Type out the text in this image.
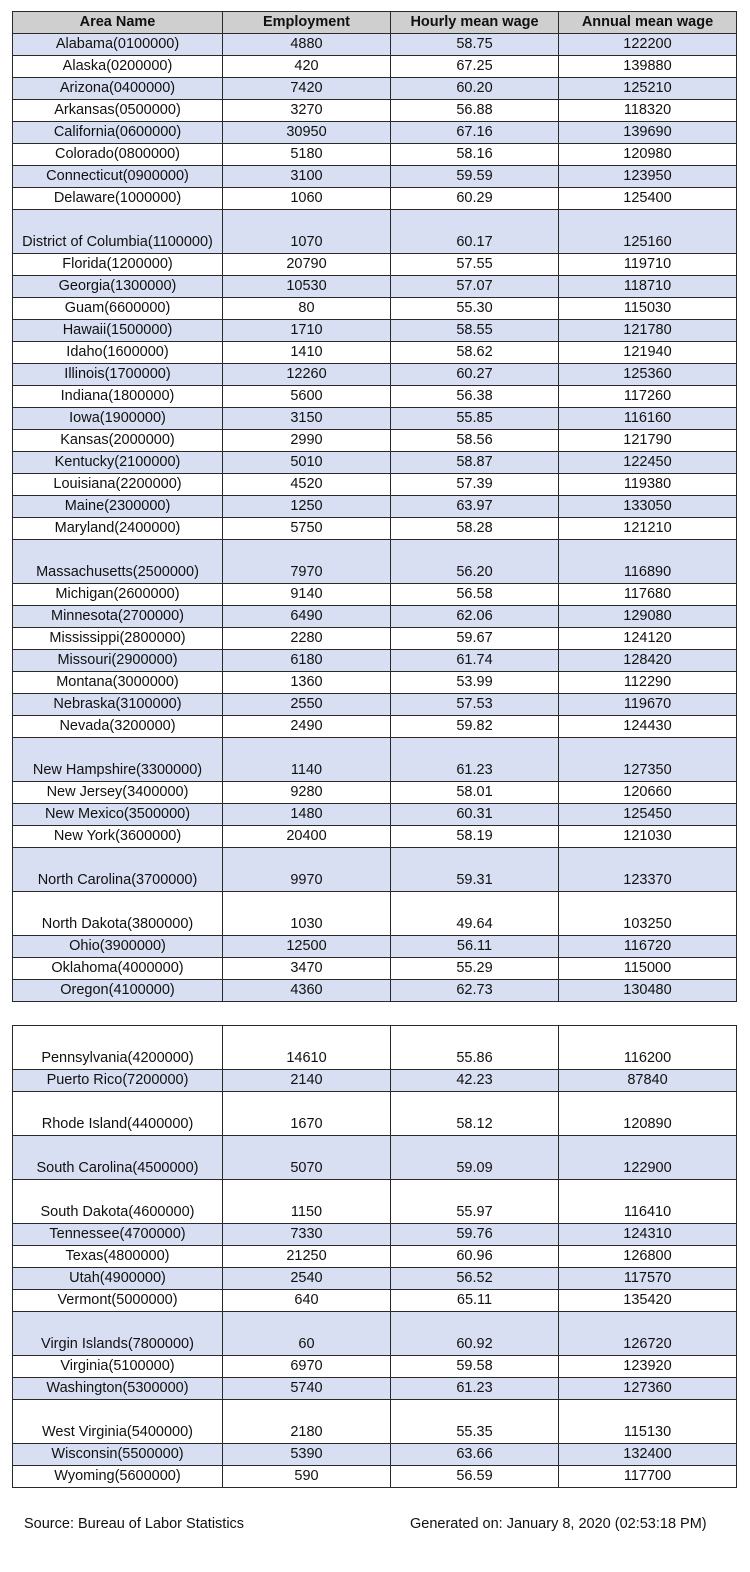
Area Name	Employment	Hourly mean wage	Annual mean wage
Alabama(0100000)	4880	58.75	122200
Alaska(0200000)	420	67.25	139880
Arizona(0400000)	7420	60.20	125210
Arkansas(0500000)	3270	56.88	118320
California(0600000)	30950	67.16	139690
Colorado(0800000)	5180	58.16	120980
Connecticut(0900000)	3100	59.59	123950
Delaware(1000000)	1060	60.29	125400
District of Columbia(1100000)	1070	60.17	125160
Florida(1200000)	20790	57.55	119710
Georgia(1300000)	10530	57.07	118710
Guam(6600000)	80	55.30	115030
Hawaii(1500000)	1710	58.55	121780
Idaho(1600000)	1410	58.62	121940
Illinois(1700000)	12260	60.27	125360
Indiana(1800000)	5600	56.38	117260
Iowa(1900000)	3150	55.85	116160
Kansas(2000000)	2990	58.56	121790
Kentucky(2100000)	5010	58.87	122450
Louisiana(2200000)	4520	57.39	119380
Maine(2300000)	1250	63.97	133050
Maryland(2400000)	5750	58.28	121210
Massachusetts(2500000)	7970	56.20	116890
Michigan(2600000)	9140	56.58	117680
Minnesota(2700000)	6490	62.06	129080
Mississippi(2800000)	2280	59.67	124120
Missouri(2900000)	6180	61.74	128420
Montana(3000000)	1360	53.99	112290
Nebraska(3100000)	2550	57.53	119670
Nevada(3200000)	2490	59.82	124430
New Hampshire(3300000)	1140	61.23	127350
New Jersey(3400000)	9280	58.01	120660
New Mexico(3500000)	1480	60.31	125450
New York(3600000)	20400	58.19	121030
North Carolina(3700000)	9970	59.31	123370
North Dakota(3800000)	1030	49.64	103250
Ohio(3900000)	12500	56.11	116720
Oklahoma(4000000)	3470	55.29	115000
Oregon(4100000)	4360	62.73	130480
Pennsylvania(4200000)	14610	55.86	116200
Puerto Rico(7200000)	2140	42.23	87840
Rhode Island(4400000)	1670	58.12	120890
South Carolina(4500000)	5070	59.09	122900
South Dakota(4600000)	1150	55.97	116410
Tennessee(4700000)	7330	59.76	124310
Texas(4800000)	21250	60.96	126800
Utah(4900000)	2540	56.52	117570
Vermont(5000000)	640	65.11	135420
Virgin Islands(7800000)	60	60.92	126720
Virginia(5100000)	6970	59.58	123920
Washington(5300000)	5740	61.23	127360
West Virginia(5400000)	2180	55.35	115130
Wisconsin(5500000)	5390	63.66	132400
Wyoming(5600000)	590	56.59	117700
Source: Bureau of Labor Statistics	Generated on: January 8, 2020 (02:53:18 PM)
